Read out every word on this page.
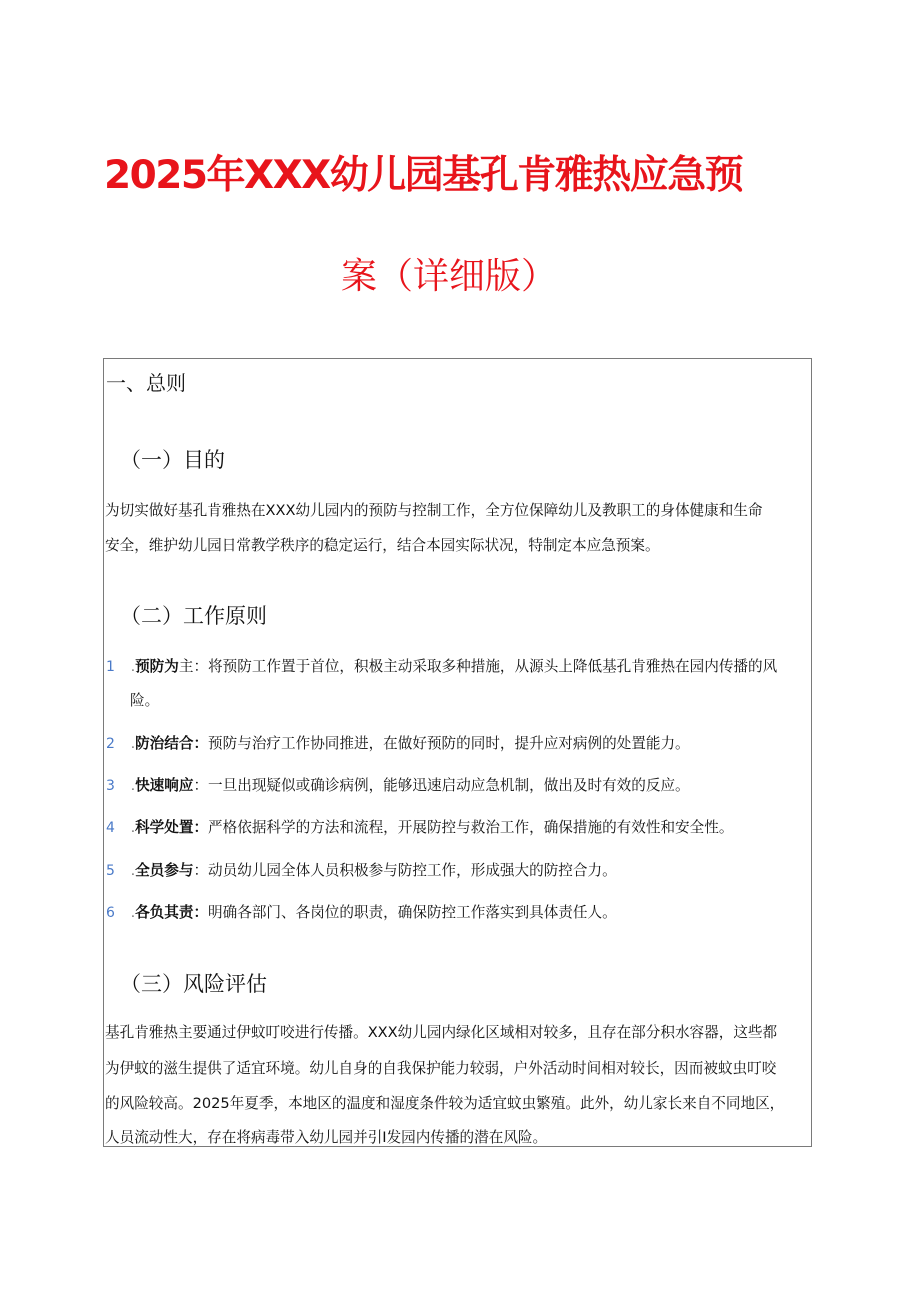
2025年XXX幼儿园基孔肯雅热应急预
案（详细版）
一、总则
（一）目的
为切实做好基孔肯雅热在XXX幼儿园内的预防与控制工作，全方位保障幼儿及教职工的身体健康和生命
安全，维护幼儿园日常教学秩序的稳定运行，结合本园实际状况，特制定本应急预案。
（二）工作原则
1 .预防为主：将预防工作置于首位，积极主动采取多种措施，从源头上降低基孔肯雅热在园内传播的风
险。
2 .防治结合：预防与治疗工作协同推进，在做好预防的同时，提升应对病例的处置能力。
3 .快速响应：一旦出现疑似或确诊病例，能够迅速启动应急机制，做出及时有效的反应。
4 .科学处置：严格依据科学的方法和流程，开展防控与救治工作，确保措施的有效性和安全性。
5 .全员参与：动员幼儿园全体人员积极参与防控工作，形成强大的防控合力。
6 .各负其责：明确各部门、各岗位的职责，确保防控工作落实到具体责任人。
（三）风险评估
基孔肯雅热主要通过伊蚊叮咬进行传播。XXX幼儿园内绿化区域相对较多，且存在部分积水容器，这些都
为伊蚊的滋生提供了适宜环境。幼儿自身的自我保护能力较弱，户外活动时间相对较长，因而被蚊虫叮咬
的风险较高。2025年夏季，本地区的温度和湿度条件较为适宜蚊虫繁殖。此外，幼儿家长来自不同地区，
人员流动性大，存在将病毒带入幼儿园并引I发园内传播的潜在风险。
